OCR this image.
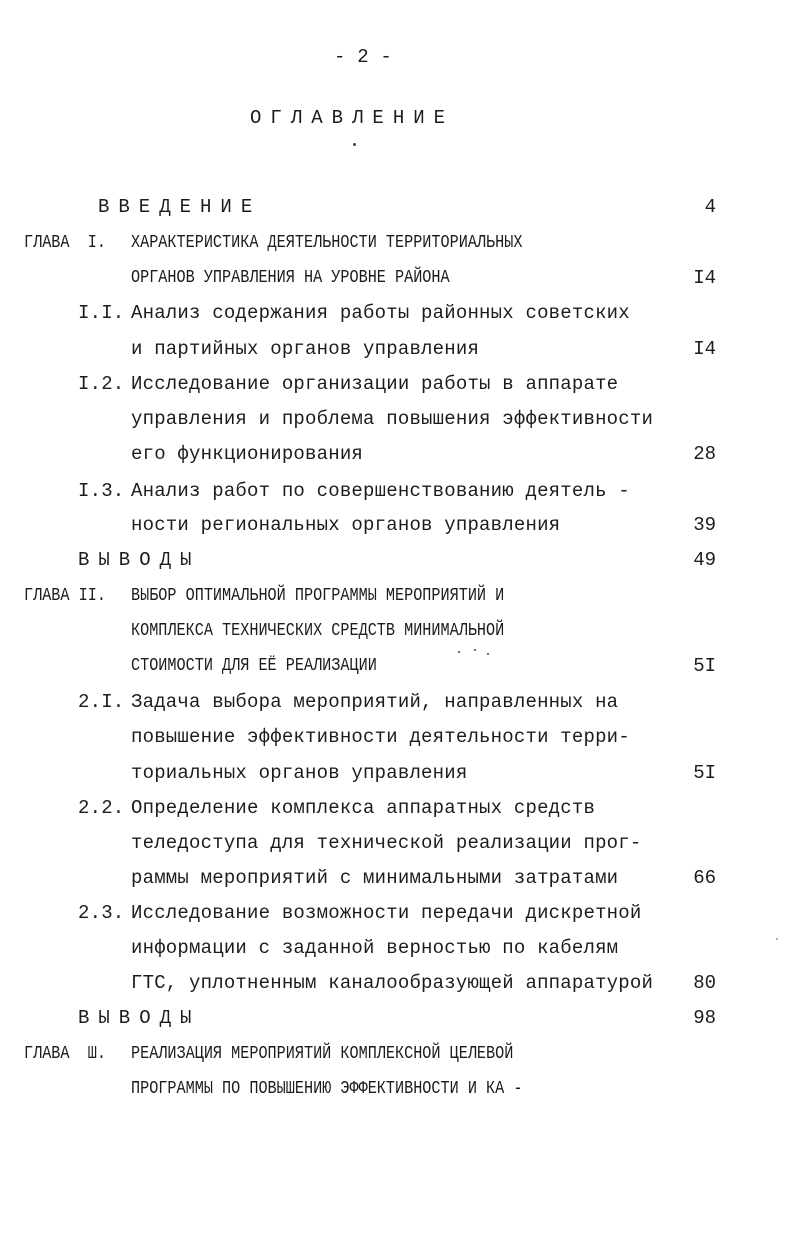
- 2 -
ОГЛАВЛЕНИЕ
ВВЕДЕНИЕ	4
ГЛАВА  I. ХАРАКТЕРИСТИКА ДЕЯТЕЛЬНОСТИ ТЕРРИТОРИАЛЬНЫХ
ОРГАНОВ УПРАВЛЕНИЯ НА УРОВНЕ РАЙОНА	I4
I.I. Анализ содержания работы районных советских
и партийных органов управления	I4
I.2. Исследование организации работы в аппарате
управления и проблема повышения эффективности
его функционирования	28
I.3. Анализ работ по совершенствованию деятель -
ности региональных органов управления	39
ВЫВОДЫ	49
ГЛАВА II. ВЫБОР ОПТИМАЛЬНОЙ ПРОГРАММЫ МЕРОПРИЯТИЙ И
КОМПЛЕКСА ТЕХНИЧЕСКИХ СРЕДСТВ МИНИМАЛЬНОЙ
СТОИМОСТИ ДЛЯ ЕЁ РЕАЛИЗАЦИИ	5I
2.I. Задача выбора мероприятий, направленных на
повышение эффективности деятельности терри-
ториальных органов управления	5I
2.2. Определение комплекса аппаратных средств
теледоступа для технической реализации прог-
раммы мероприятий с минимальными затратами	66
2.3. Исследование возможности передачи дискретной
информации с заданной верностью по кабелям
ГТС, уплотненным каналообразующей аппаратурой	80
ВЫВОДЫ	98
ГЛАВА  Ш. РЕАЛИЗАЦИЯ МЕРОПРИЯТИЙ КОМПЛЕКСНОЙ ЦЕЛЕВОЙ
ПРОГРАММЫ ПО ПОВЫШЕНИЮ ЭФФЕКТИВНОСТИ И КА -
